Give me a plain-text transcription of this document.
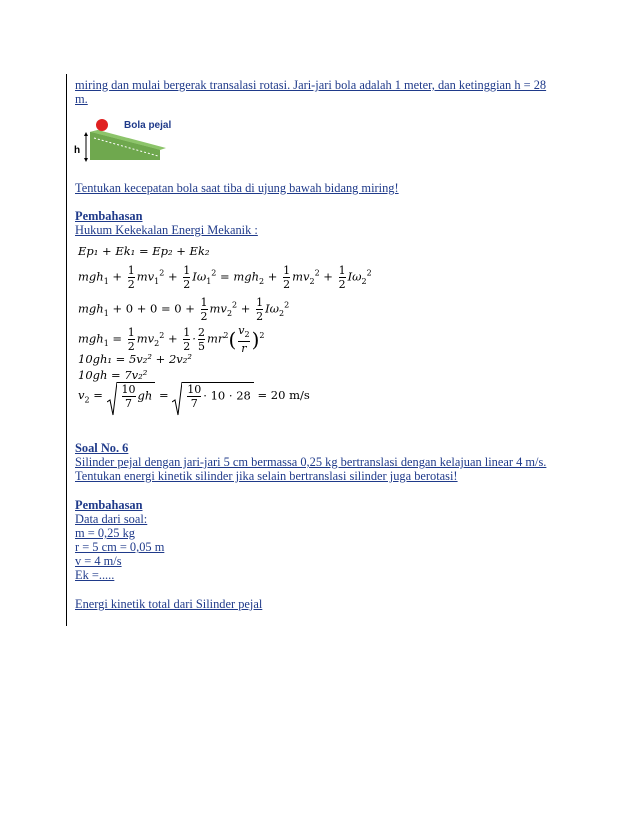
miring dan mulai bergerak transalasi rotasi. Jari-jari bola adalah 1 meter, dan ketinggian h = 28
m.
Bola pejal
h
Tentukan kecepatan bola saat tiba di ujung bawah bidang miring!
Pembahasan
Hukum Kekekalan Energi Mekanik :
Ep₁ + Ek₁ = Ep₂ + Ek₂
$mgh_1 + \frac{1}{2} mv_1^2 + \frac{1}{2} I\omega_1^2 = mgh_2 + \frac{1}{2} mv_2^2 + \frac{1}{2} I\omega_2^2$
$mgh_1 + 0 + 0 = 0 + \frac{1}{2} mv_2^2 + \frac{1}{2} I\omega_2^2$
$mgh_1 = \frac{1}{2} mv_2^2 + \frac{1}{2} \cdot \frac{2}{5} mr^2( \frac{v_2}{r} )^2$
10gh₁ = 5v₂² + 2v₂²
10gh = 7v₂²
$v_2 = \frac{10}{7}$ gh = $\frac{10}{7} \cdot 10 \cdot 28 = 20$ m/s
Soal No. 6
Silinder pejal dengan jari-jari 5 cm bermassa 0,25 kg bertranslasi dengan kelajuan linear 4 m/s.
Tentukan energi kinetik silinder jika selain bertranslasi silinder juga berotasi!
Pembahasan
Data dari soal:
m = 0,25 kg
r = 5 cm = 0,05 m
v = 4 m/s
Ek =.....
Energi kinetik total dari Silinder pejal
